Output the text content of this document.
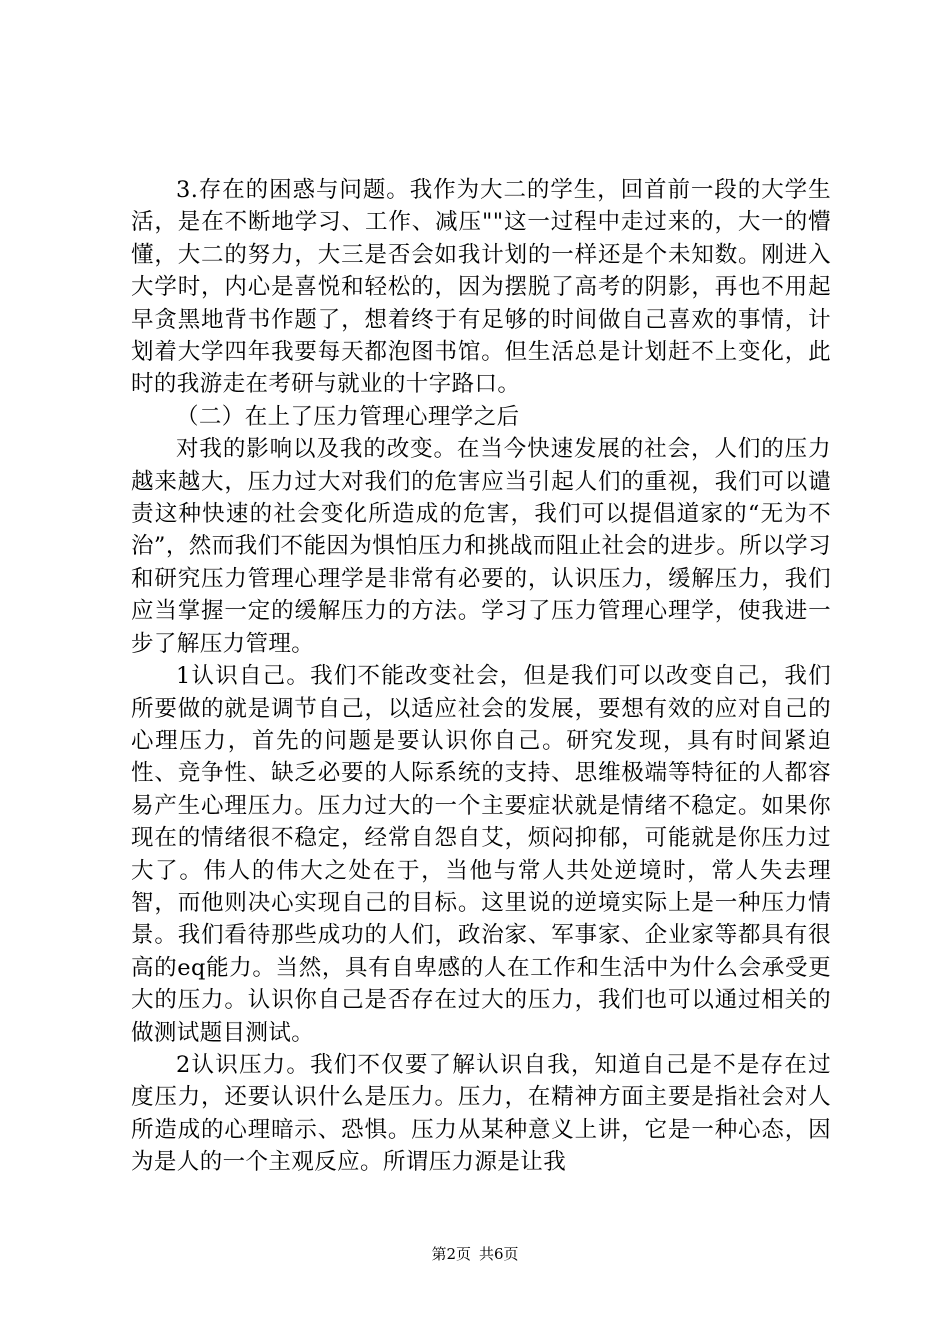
3.存在的困惑与问题。我作为大二的学生，回首前一段的大学生活，是在不断地学习、工作、减压""这一过程中走过来的，大一的懵懂，大二的努力，大三是否会如我计划的一样还是个未知数。刚进入大学时，内心是喜悦和轻松的，因为摆脱了高考的阴影，再也不用起早贪黑地背书作题了，想着终于有足够的时间做自己喜欢的事情，计划着大学四年我要每天都泡图书馆。但生活总是计划赶不上变化，此时的我游走在考研与就业的十字路口。

（二）在上了压力管理心理学之后

对我的影响以及我的改变。在当今快速发展的社会，人们的压力越来越大，压力过大对我们的危害应当引起人们的重视，我们可以谴责这种快速的社会变化所造成的危害，我们可以提倡道家的“无为不治”，然而我们不能因为惧怕压力和挑战而阻止社会的进步。所以学习和研究压力管理心理学是非常有必要的，认识压力，缓解压力，我们应当掌握一定的缓解压力的方法。学习了压力管理心理学，使我进一步了解压力管理。

1认识自己。我们不能改变社会，但是我们可以改变自己，我们所要做的就是调节自己，以适应社会的发展，要想有效的应对自己的心理压力，首先的问题是要认识你自己。研究发现，具有时间紧迫性、竞争性、缺乏必要的人际系统的支持、思维极端等特征的人都容易产生心理压力。压力过大的一个主要症状就是情绪不稳定。如果你现在的情绪很不稳定，经常自怨自艾，烦闷抑郁，可能就是你压力过大了。伟人的伟大之处在于，当他与常人共处逆境时，常人失去理智，而他则决心实现自己的目标。这里说的逆境实际上是一种压力情景。我们看待那些成功的人们，政治家、军事家、企业家等都具有很高的eq能力。当然，具有自卑感的人在工作和生活中为什么会承受更大的压力。认识你自己是否存在过大的压力，我们也可以通过相关的做测试题目测试。

2认识压力。我们不仅要了解认识自我，知道自己是不是存在过度压力，还要认识什么是压力。压力，在精神方面主要是指社会对人所造成的心理暗示、恐惧。压力从某种意义上讲，它是一种心态，因为是人的一个主观反应。所谓压力源是让我

第2页 共6页
